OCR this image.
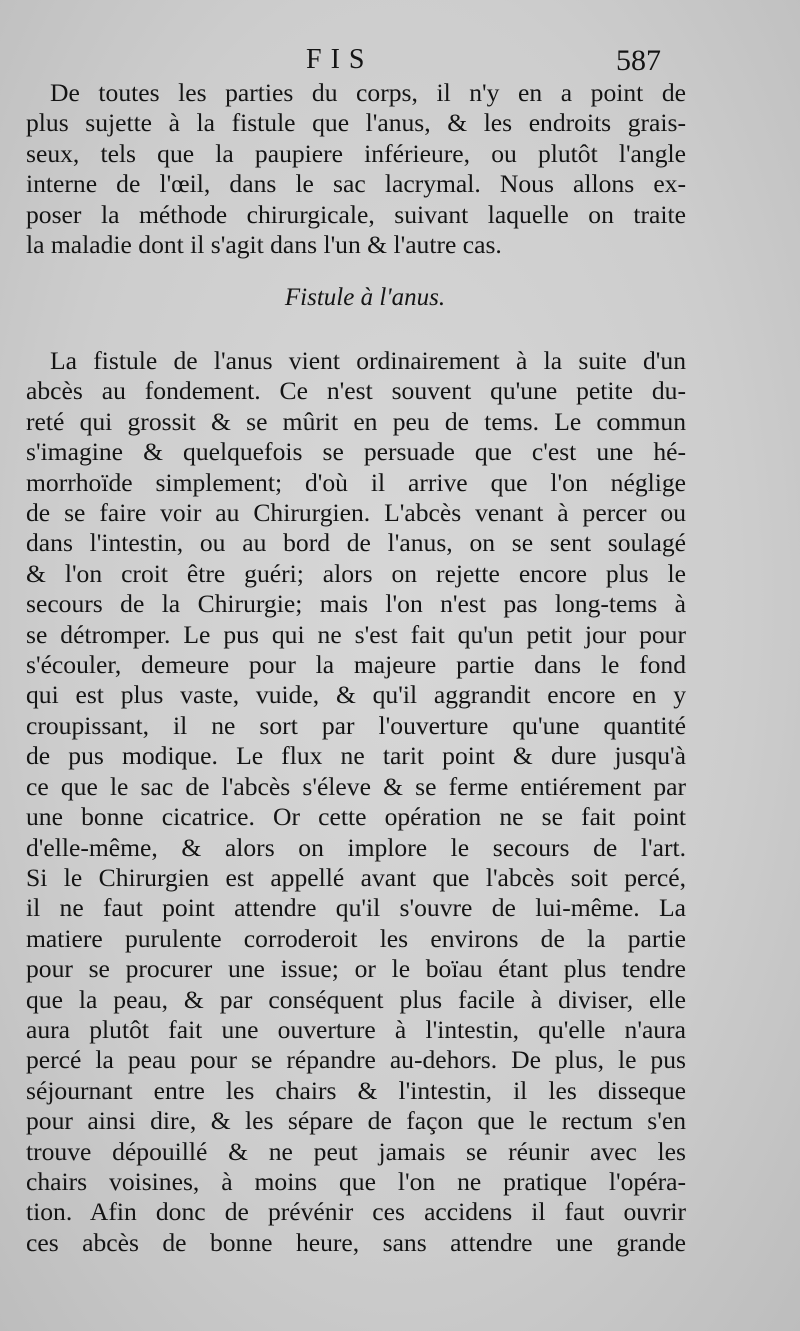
FIS	587
De toutes les parties du corps, il n'y en a point de
plus sujette à la fistule que l'anus, & les endroits grais-
seux, tels que la paupiere inférieure, ou plutôt l'angle
interne de l'œil, dans le sac lacrymal. Nous allons ex-
poser la méthode chirurgicale, suivant laquelle on traite
la maladie dont il s'agit dans l'un & l'autre cas.
Fistule à l'anus.
La fistule de l'anus vient ordinairement à la suite d'un
abcès au fondement. Ce n'est souvent qu'une petite du-
reté qui grossit & se mûrit en peu de tems. Le commun
s'imagine & quelquefois se persuade que c'est une hé-
morrhoïde simplement; d'où il arrive que l'on néglige
de se faire voir au Chirurgien. L'abcès venant à percer ou
dans l'intestin, ou au bord de l'anus, on se sent soulagé
& l'on croit être guéri; alors on rejette encore plus le
secours de la Chirurgie; mais l'on n'est pas long-tems à
se détromper. Le pus qui ne s'est fait qu'un petit jour pour
s'écouler, demeure pour la majeure partie dans le fond
qui est plus vaste, vuide, & qu'il aggrandit encore en y
croupissant, il ne sort par l'ouverture qu'une quantité
de pus modique. Le flux ne tarit point & dure jusqu'à
ce que le sac de l'abcès s'éleve & se ferme entiérement par
une bonne cicatrice. Or cette opération ne se fait point
d'elle-même, & alors on implore le secours de l'art.
Si le Chirurgien est appellé avant que l'abcès soit percé,
il ne faut point attendre qu'il s'ouvre de lui-même. La
matiere purulente corroderoit les environs de la partie
pour se procurer une issue; or le boïau étant plus tendre
que la peau, & par conséquent plus facile à diviser, elle
aura plutôt fait une ouverture à l'intestin, qu'elle n'aura
percé la peau pour se répandre au-dehors. De plus, le pus
séjournant entre les chairs & l'intestin, il les disseque
pour ainsi dire, & les sépare de façon que le rectum s'en
trouve dépouillé & ne peut jamais se réunir avec les
chairs voisines, à moins que l'on ne pratique l'opéra-
tion. Afin donc de prévénir ces accidens il faut ouvrir
ces abcès de bonne heure, sans attendre une grande
